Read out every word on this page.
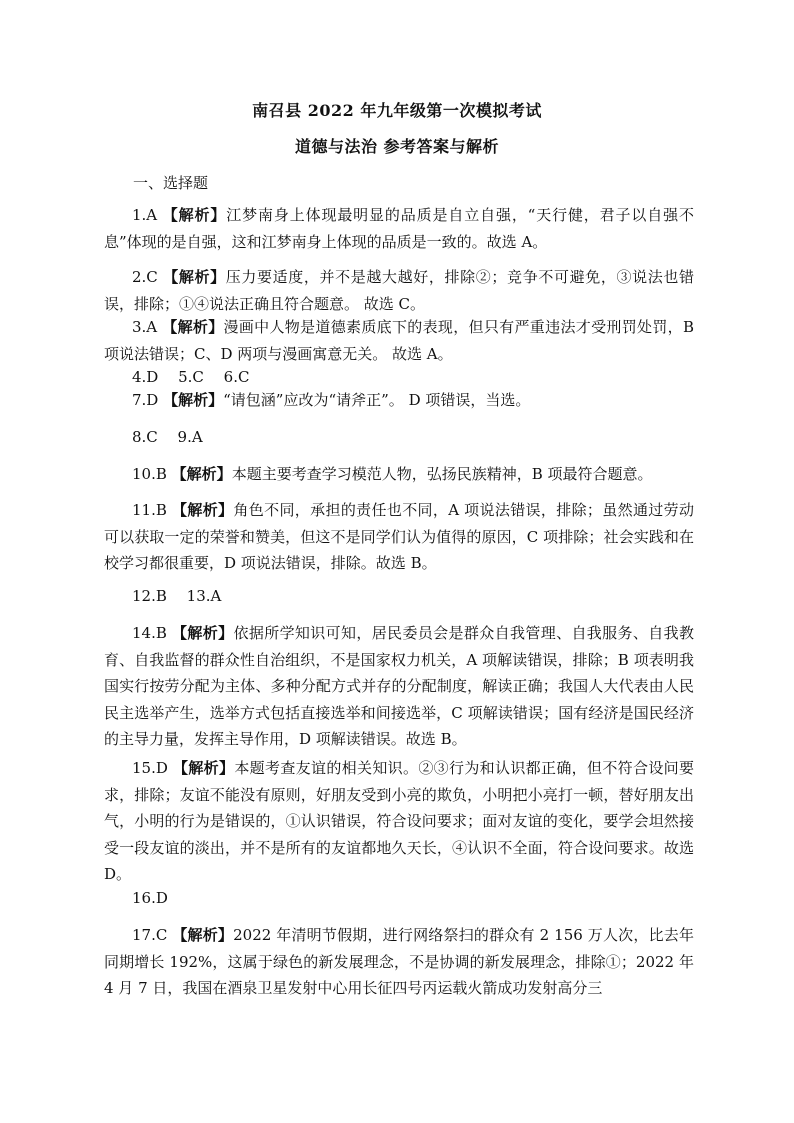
南召县 2022 年九年级第一次模拟考试
道德与法治 参考答案与解析
一、选择题
1.A 【解析】江梦南身上体现最明显的品质是自立自强，“天行健，君子以自强不息”体现的是自强，这和江梦南身上体现的品质是一致的。故选 A。
2.C 【解析】压力要适度，并不是越大越好，排除②；竞争不可避免，③说法也错误，排除；①④说法正确且符合题意。 故选 C。
3.A 【解析】漫画中人物是道德素质底下的表现，但只有严重违法才受刑罚处罚，B 项说法错误；C、D 两项与漫画寓意无关。 故选 A。
4.D　 5.C　 6.C
7.D 【解析】“请包涵”应改为“请斧正”。 D 项错误，当选。
8.C　 9.A
10.B 【解析】本题主要考查学习模范人物，弘扬民族精神，B 项最符合题意。
11.B 【解析】角色不同，承担的责任也不同，A 项说法错误，排除；虽然通过劳动可以获取一定的荣誉和赞美，但这不是同学们认为值得的原因，C 项排除；社会实践和在校学习都很重要，D 项说法错误，排除。故选 B。
12.B　 13.A
14.B 【解析】依据所学知识可知，居民委员会是群众自我管理、自我服务、自我教育、自我监督的群众性自治组织，不是国家权力机关，A 项解读错误，排除；B 项表明我国实行按劳分配为主体、多种分配方式并存的分配制度，解读正确；我国人大代表由人民民主选举产生，选举方式包括直接选举和间接选举，C 项解读错误；国有经济是国民经济的主导力量，发挥主导作用，D 项解读错误。故选 B。
15.D 【解析】本题考查友谊的相关知识。②③行为和认识都正确，但不符合设问要求，排除；友谊不能没有原则，好朋友受到小亮的欺负，小明把小亮打一顿，替好朋友出气，小明的行为是错误的，①认识错误，符合设问要求；面对友谊的变化，要学会坦然接受一段友谊的淡出，并不是所有的友谊都地久天长，④认识不全面，符合设问要求。故选 D。
16.D
17.C 【解析】2022 年清明节假期，进行网络祭扫的群众有 2 156 万人次，比去年同期增长 192%，这属于绿色的新发展理念，不是协调的新发展理念，排除①；2022 年 4 月 7 日，我国在酒泉卫星发射中心用长征四号丙运载火箭成功发射高分三
